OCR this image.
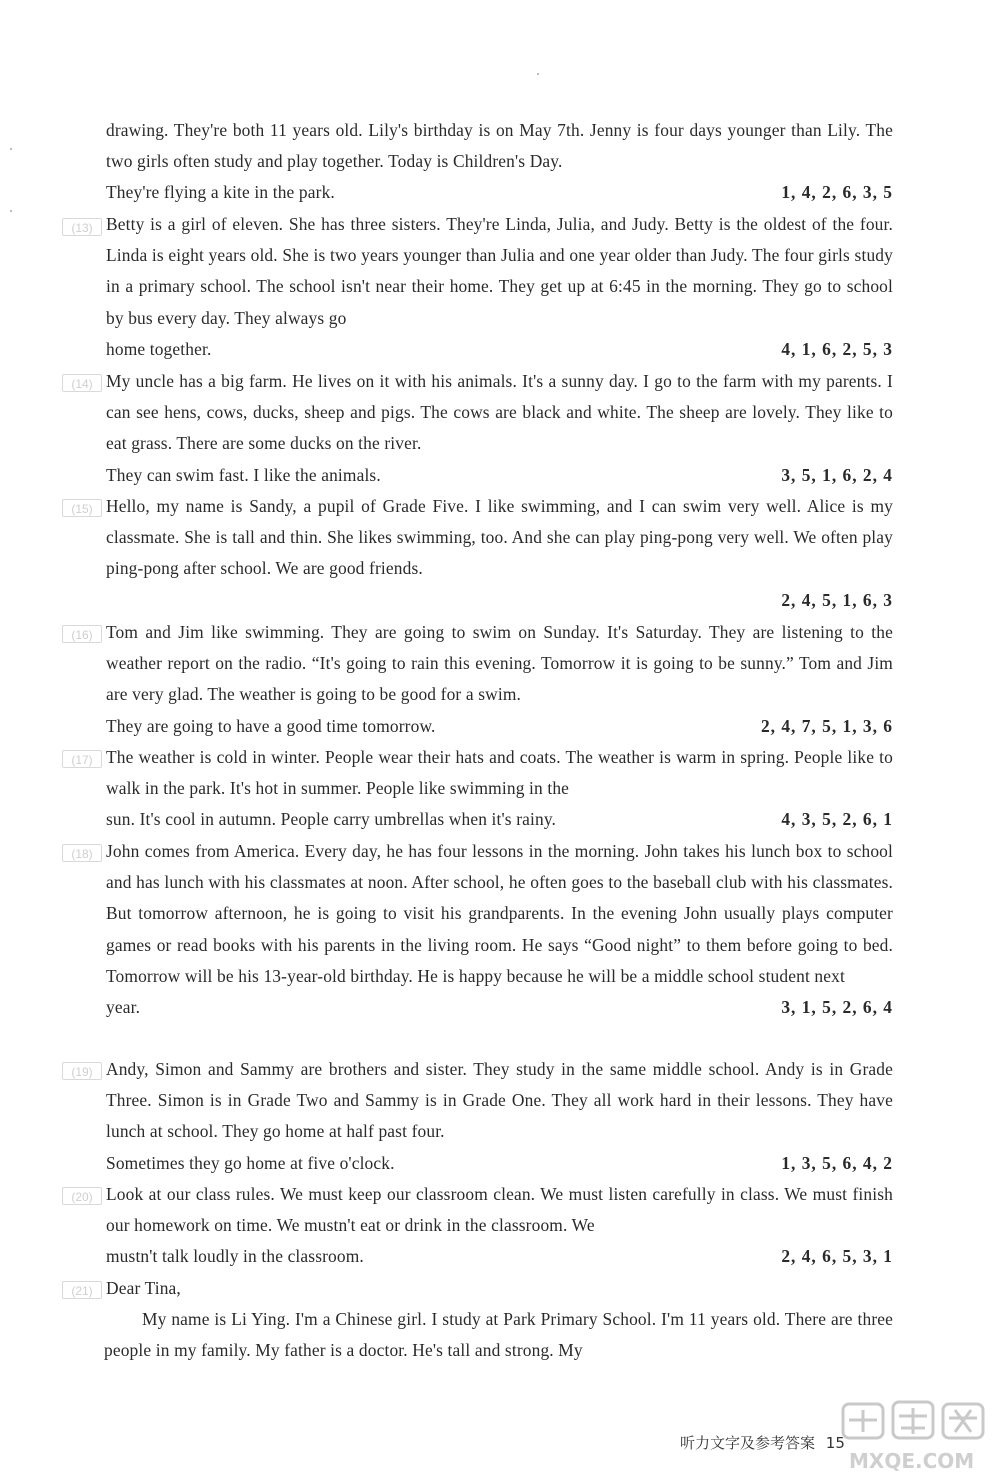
drawing. They're both 11 years old. Lily's birthday is on May 7th. Jenny is four days younger than Lily. The two girls often study and play together. Today is Children's Day.
They're flying a kite in the park.	1, 4, 2, 6, 3, 5
(13) Betty is a girl of eleven. She has three sisters. They're Linda, Julia, and Judy. Betty is the oldest of the four. Linda is eight years old. She is two years younger than Julia and one year older than Judy. The four girls study in a primary school. The school isn't near their home. They get up at 6:45 in the morning. They go to school by bus every day. They always go
home together.	4, 1, 6, 2, 5, 3
(14) My uncle has a big farm. He lives on it with his animals. It's a sunny day. I go to the farm with my parents. I can see hens, cows, ducks, sheep and pigs. The cows are black and white. The sheep are lovely. They like to eat grass. There are some ducks on the river.
They can swim fast. I like the animals.	3, 5, 1, 6, 2, 4
(15) Hello, my name is Sandy, a pupil of Grade Five. I like swimming, and I can swim very well. Alice is my classmate. She is tall and thin. She likes swimming, too. And she can play ping-pong very well. We often play ping-pong after school. We are good friends.
2, 4, 5, 1, 6, 3
(16) Tom and Jim like swimming. They are going to swim on Sunday. It's Saturday. They are listening to the weather report on the radio. “It's going to rain this evening. Tomorrow it is going to be sunny.” Tom and Jim are very glad. The weather is going to be good for a swim.
They are going to have a good time tomorrow.	2, 4, 7, 5, 1, 3, 6
(17) The weather is cold in winter. People wear their hats and coats. The weather is warm in spring. People like to walk in the park. It's hot in summer. People like swimming in the
sun. It's cool in autumn. People carry umbrellas when it's rainy.	4, 3, 5, 2, 6, 1
(18) John comes from America. Every day, he has four lessons in the morning. John takes his lunch box to school and has lunch with his classmates at noon. After school, he often goes to the baseball club with his classmates. But tomorrow afternoon, he is going to visit his grandparents. In the evening John usually plays computer games or read books with his parents in the living room. He says “Good night” to them before going to bed. Tomorrow will be his 13-year-old birthday. He is happy because he will be a middle school student next
year.	3, 1, 5, 2, 6, 4
(19) Andy, Simon and Sammy are brothers and sister. They study in the same middle school. Andy is in Grade Three. Simon is in Grade Two and Sammy is in Grade One. They all work hard in their lessons. They have lunch at school. They go home at half past four.
Sometimes they go home at five o'clock.	1, 3, 5, 6, 4, 2
(20) Look at our class rules. We must keep our classroom clean. We must listen carefully in class. We must finish our homework on time. We mustn't eat or drink in the classroom. We
mustn't talk loudly in the classroom.	2, 4, 6, 5, 3, 1
(21) Dear Tina,
My name is Li Ying. I'm a Chinese girl. I study at Park Primary School. I'm 11 years old. There are three people in my family. My father is a doctor. He's tall and strong. My
听力文字及参考答案 15
MXQE.COM
